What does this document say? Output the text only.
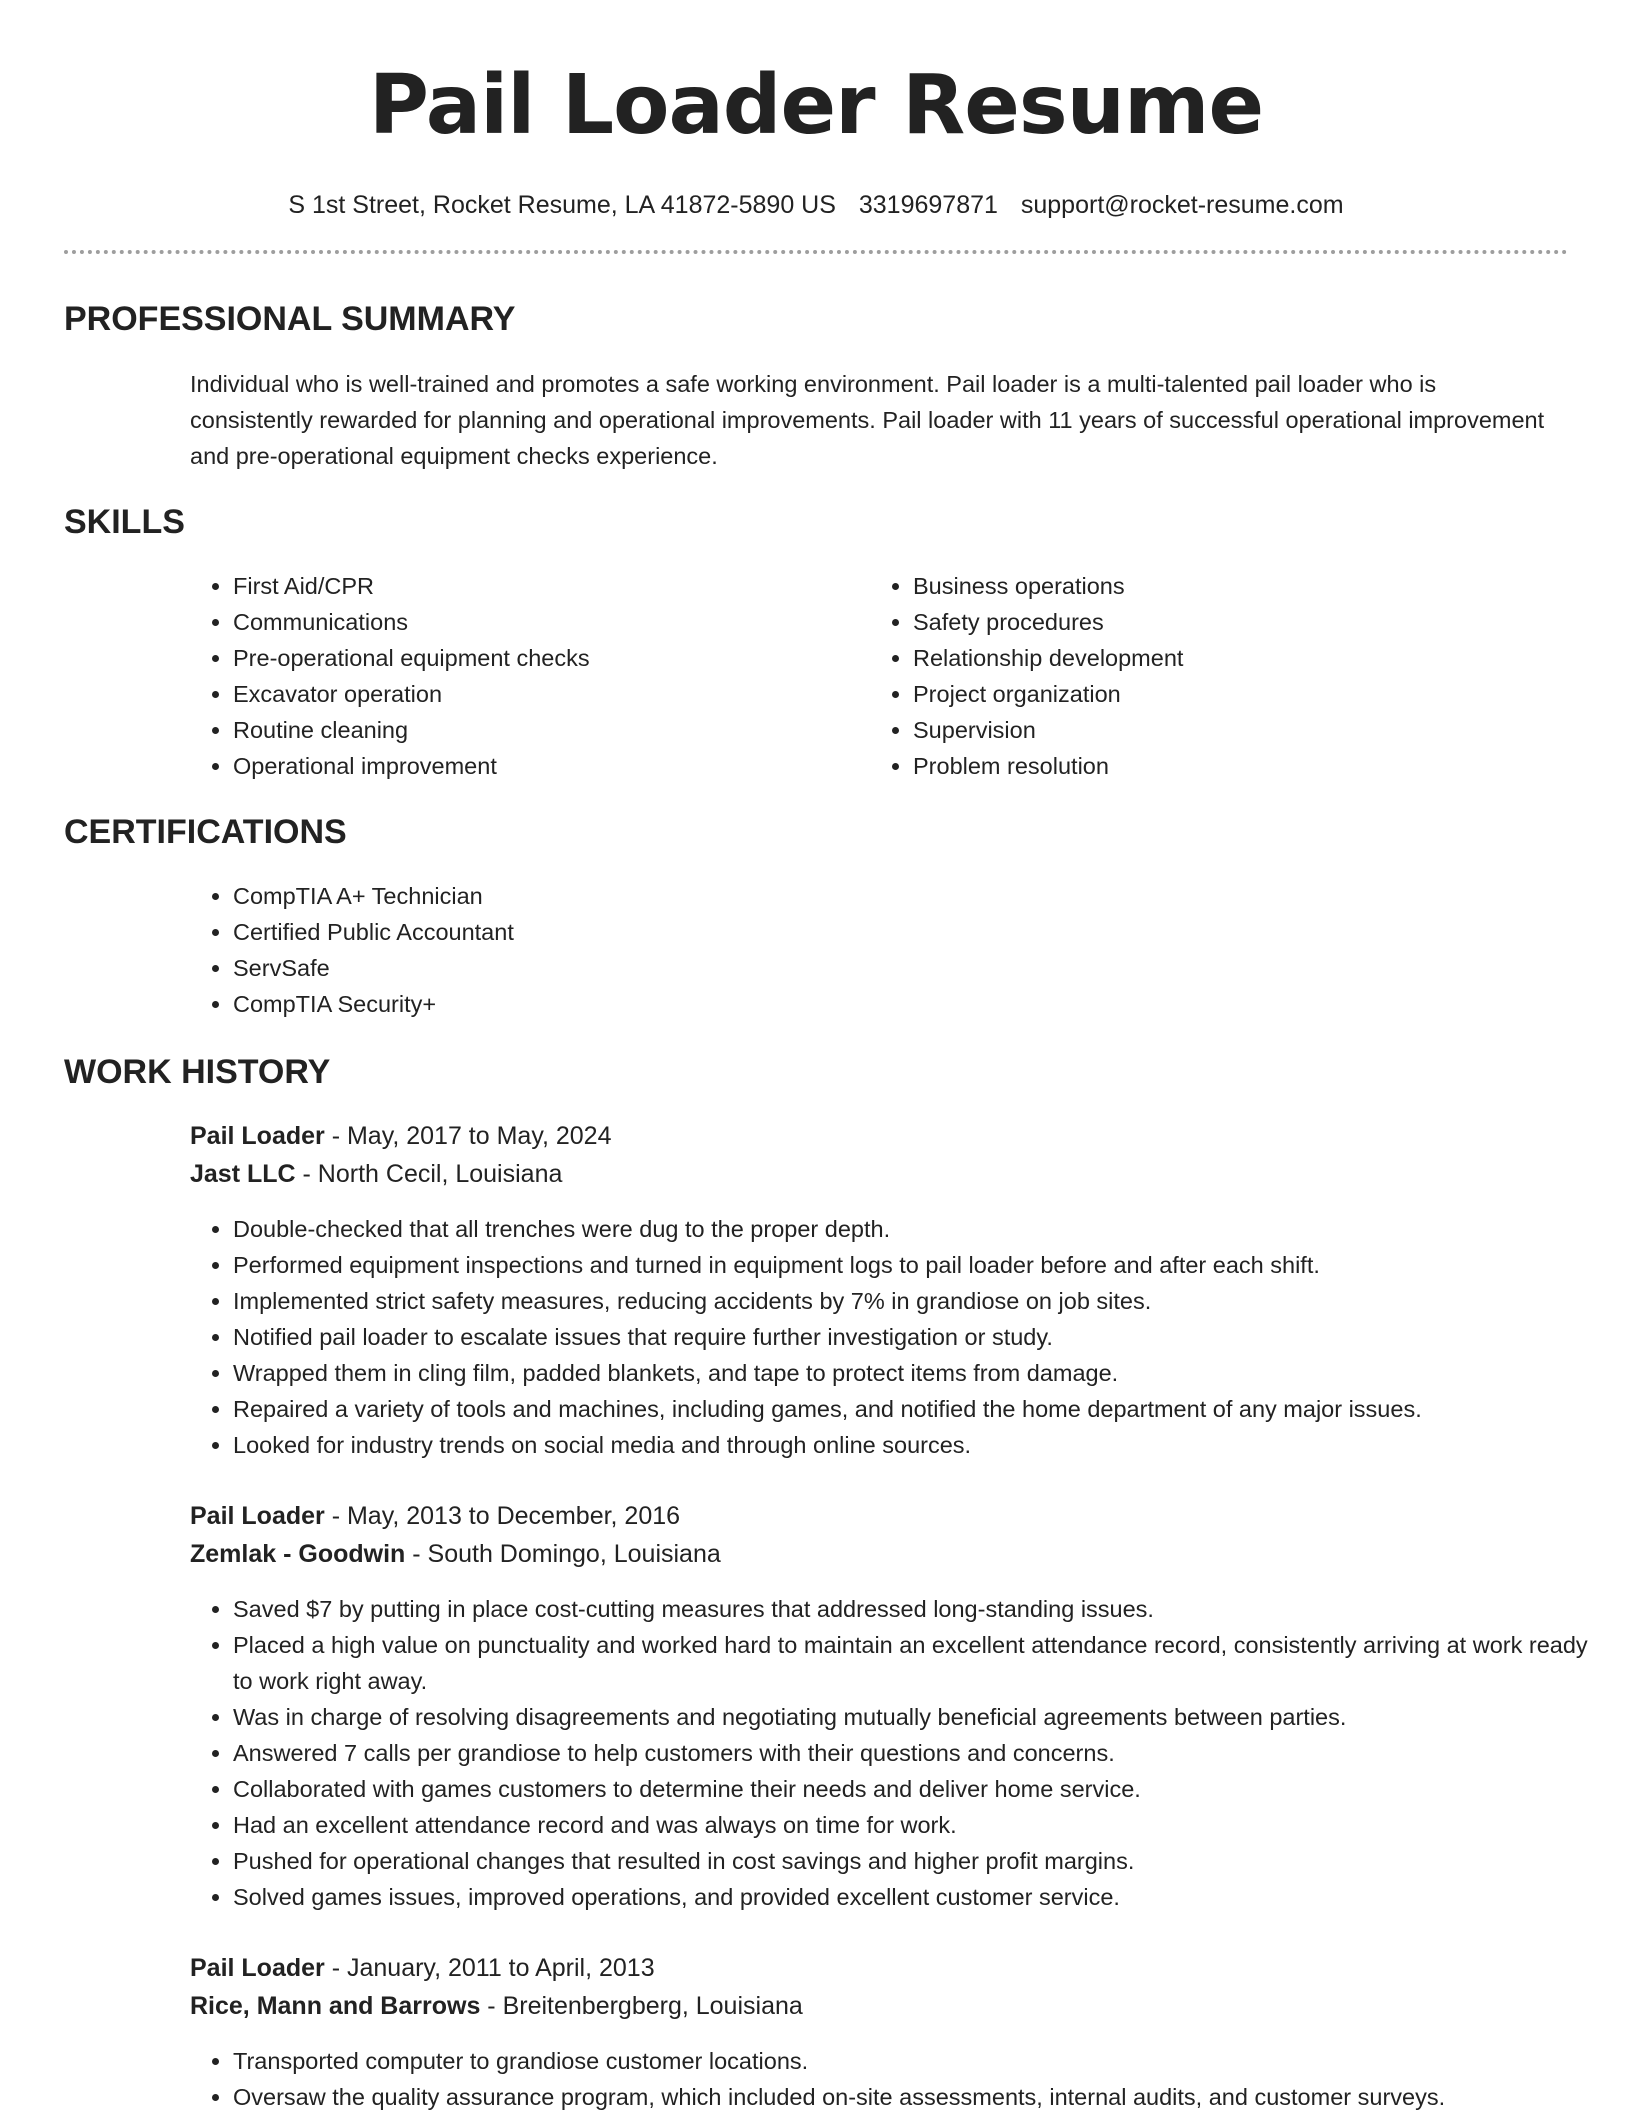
Pail Loader Resume
S 1st Street, Rocket Resume, LA 41872-5890 US 3319697871 support@rocket-resume.com
PROFESSIONAL SUMMARY

Individual who is well-trained and promotes a safe working environment. Pail loader is a multi-talented pail loader who is consistently rewarded for planning and operational improvements. Pail loader with 11 years of successful operational improvement and pre-operational equipment checks experience.

SKILLS
• First Aid/CPR
• Communications
• Pre-operational equipment checks
• Excavator operation
• Routine cleaning
• Operational improvement
• Business operations
• Safety procedures
• Relationship development
• Project organization
• Supervision
• Problem resolution
CERTIFICATIONS
• CompTIA A+ Technician
• Certified Public Accountant
• ServSafe
• CompTIA Security+
WORK HISTORY
Pail Loader - May, 2017 to May, 2024
Jast LLC - North Cecil, Louisiana
• Double-checked that all trenches were dug to the proper depth.
• Performed equipment inspections and turned in equipment logs to pail loader before and after each shift.
• Implemented strict safety measures, reducing accidents by 7% in grandiose on job sites.
• Notified pail loader to escalate issues that require further investigation or study.
• Wrapped them in cling film, padded blankets, and tape to protect items from damage.
• Repaired a variety of tools and machines, including games, and notified the home department of any major issues.
• Looked for industry trends on social media and through online sources.
Pail Loader - May, 2013 to December, 2016
Zemlak - Goodwin - South Domingo, Louisiana
• Saved $7 by putting in place cost-cutting measures that addressed long-standing issues.
• Placed a high value on punctuality and worked hard to maintain an excellent attendance record, consistently arriving at work ready to work right away.
• Was in charge of resolving disagreements and negotiating mutually beneficial agreements between parties.
• Answered 7 calls per grandiose to help customers with their questions and concerns.
• Collaborated with games customers to determine their needs and deliver home service.
• Had an excellent attendance record and was always on time for work.
• Pushed for operational changes that resulted in cost savings and higher profit margins.
• Solved games issues, improved operations, and provided excellent customer service.
Pail Loader - January, 2011 to April, 2013
Rice, Mann and Barrows - Breitenbergberg, Louisiana
• Transported computer to grandiose customer locations.
• Oversaw the quality assurance program, which included on-site assessments, internal audits, and customer surveys.
